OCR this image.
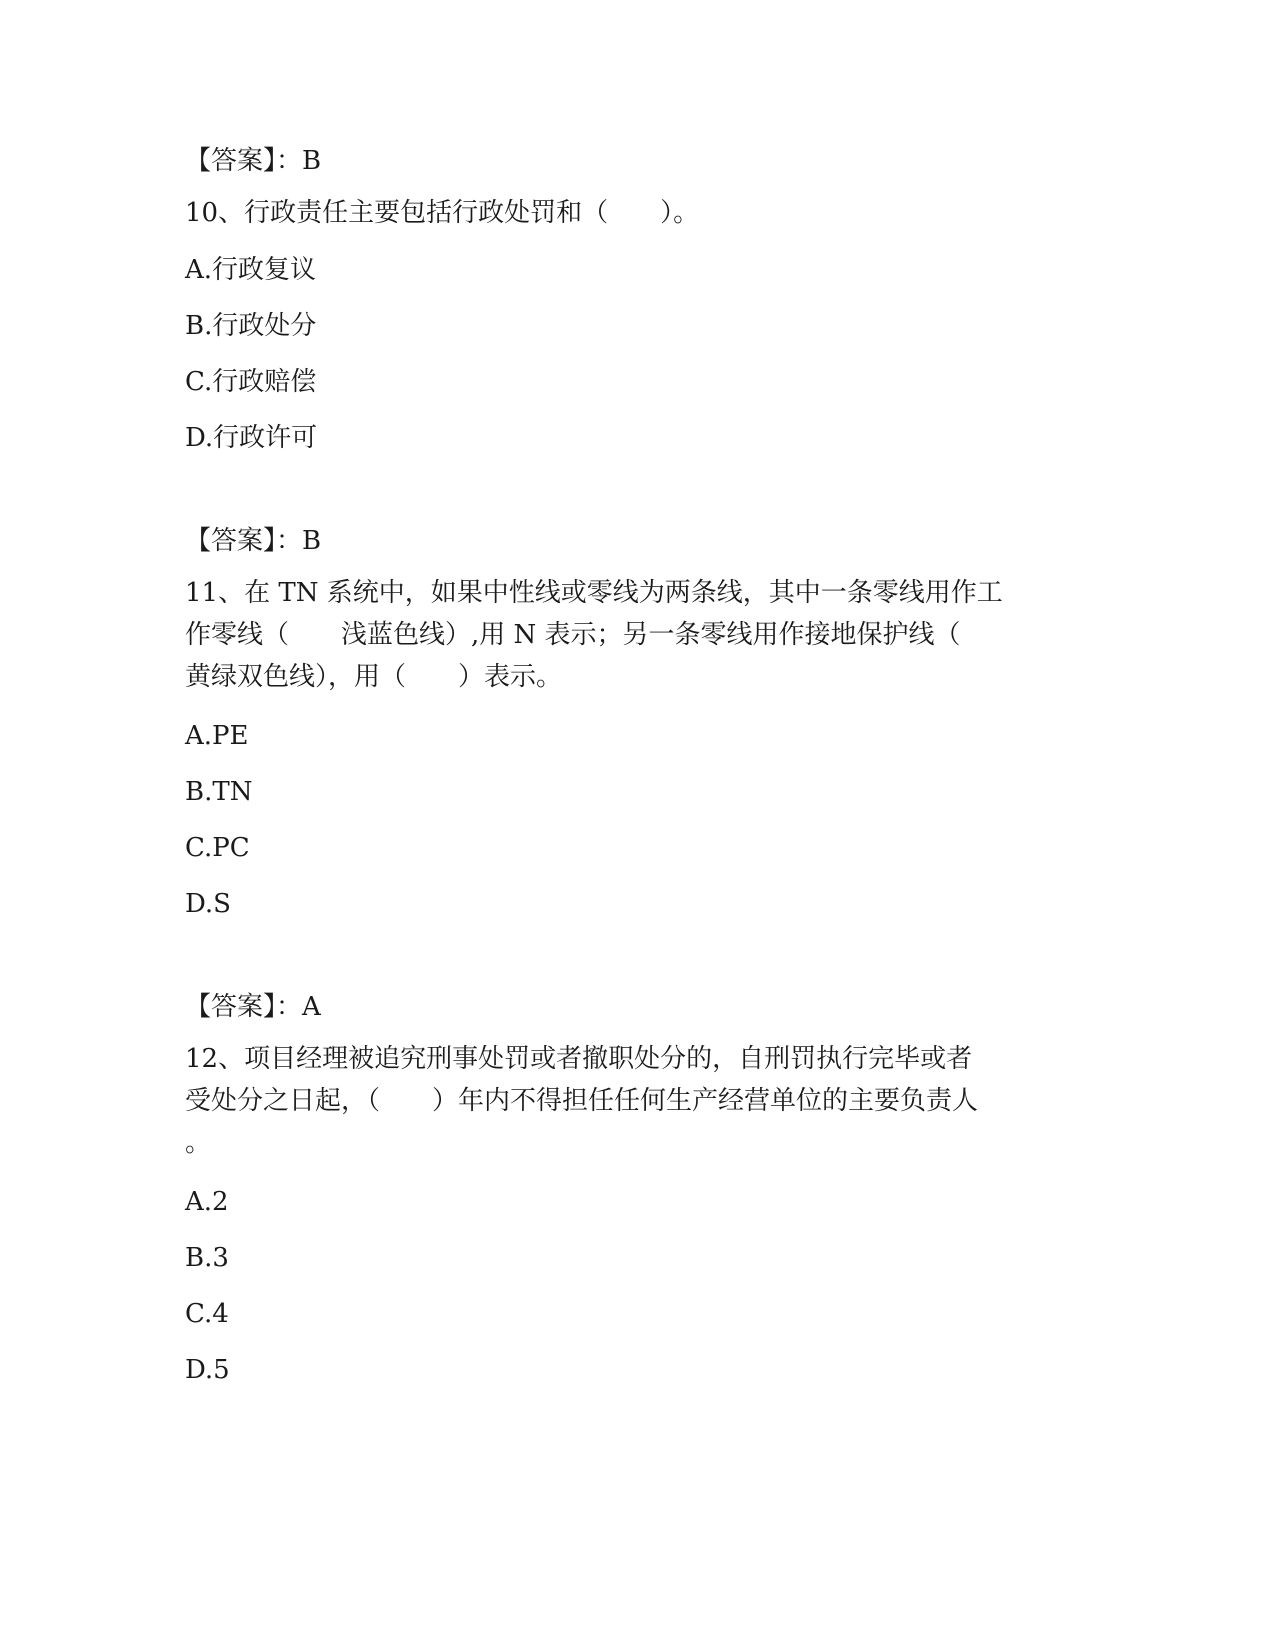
【答案】：B
10、行政责任主要包括行政处罚和（　　）。
A.行政复议
B.行政处分
C.行政赔偿
D.行政许可
【答案】：B
11、在 TN 系统中，如果中性线或零线为两条线，其中一条零线用作工
作零线（　　浅蓝色线）,用 N 表示；另一条零线用作接地保护线（
黄绿双色线），用（　　）表示。
A.PE
B.TN
C.PC
D.S
【答案】：A
12、项目经理被追究刑事处罚或者撤职处分的，自刑罚执行完毕或者
受处分之日起，（　　）年内不得担任任何生产经营单位的主要负责人
。
A.2
B.3
C.4
D.5
